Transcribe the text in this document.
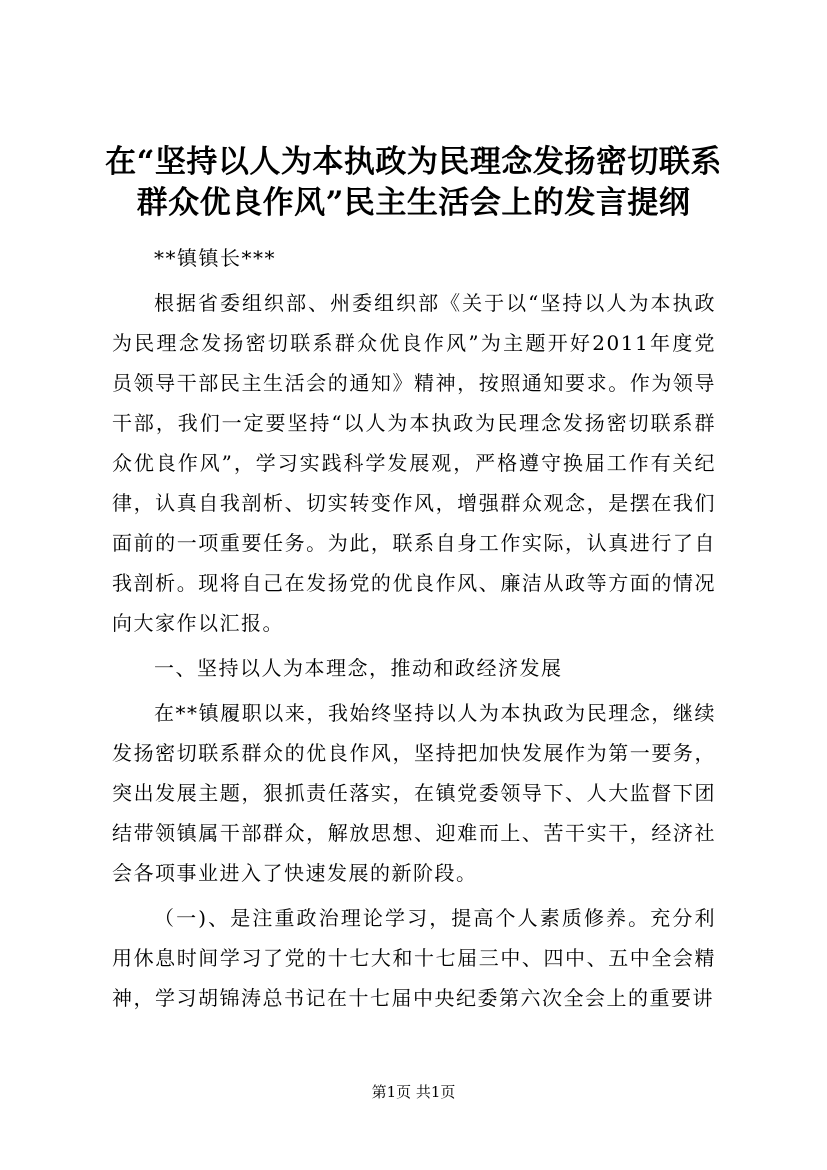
在“坚持以人为本执政为民理念发扬密切联系
群众优良作风”民主生活会上的发言提纲

**镇镇长***

根据省委组织部、州委组织部《关于以“坚持以人为本执政为民理念发扬密切联系群众优良作风”为主题开好2011年度党员领导干部民主生活会的通知》精神，按照通知要求。作为领导干部，我们一定要坚持“以人为本执政为民理念发扬密切联系群众优良作风”，学习实践科学发展观，严格遵守换届工作有关纪律，认真自我剖析、切实转变作风，增强群众观念，是摆在我们面前的一项重要任务。为此，联系自身工作实际，认真进行了自我剖析。现将自己在发扬党的优良作风、廉洁从政等方面的情况向大家作以汇报。

一、坚持以人为本理念，推动和政经济发展

在**镇履职以来，我始终坚持以人为本执政为民理念，继续发扬密切联系群众的优良作风，坚持把加快发展作为第一要务，突出发展主题，狠抓责任落实，在镇党委领导下、人大监督下团结带领镇属干部群众，解放思想、迎难而上、苦干实干，经济社会各项事业进入了快速发展的新阶段。

（一)、是注重政治理论学习，提高个人素质修养。充分利用休息时间学习了党的十七大和十七届三中、四中、五中全会精神，学习胡锦涛总书记在十七届中央纪委第六次全会上的重要讲

第1页 共1页
